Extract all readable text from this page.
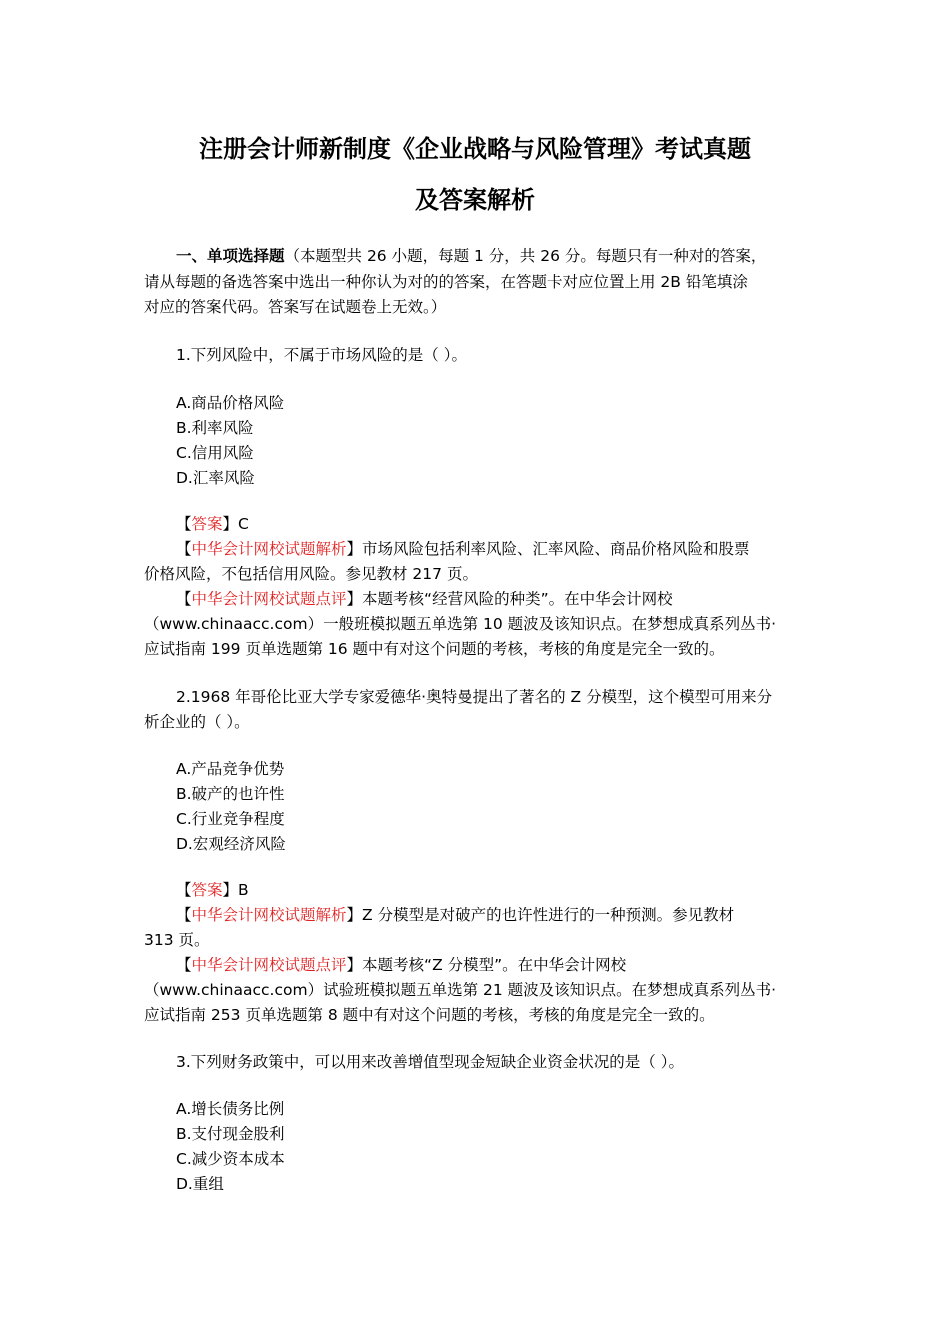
注册会计师新制度《企业战略与风险管理》考试真题
及答案解析
一、单项选择题（本题型共 26 小题，每题 1 分，共 26 分。每题只有一种对的答案，
请从每题的备选答案中选出一种你认为对的的答案，在答题卡对应位置上用 2B 铅笔填涂
对应的答案代码。答案写在试题卷上无效。）
1.下列风险中，不属于市场风险的是（ ）。
A.商品价格风险
B.利率风险
C.信用风险
D.汇率风险
【答案】C
【中华会计网校试题解析】市场风险包括利率风险、汇率风险、商品价格风险和股票
价格风险，不包括信用风险。参见教材 217 页。
【中华会计网校试题点评】本题考核“经营风险的种类”。在中华会计网校
（www.chinaacc.com）一般班模拟题五单选第 10 题波及该知识点。在梦想成真系列丛书·
应试指南 199 页单选题第 16 题中有对这个问题的考核，考核的角度是完全一致的。
2.1968 年哥伦比亚大学专家爱德华·奥特曼提出了著名的 Z 分模型，这个模型可用来分
析企业的（ ）。
A.产品竞争优势
B.破产的也许性
C.行业竞争程度
D.宏观经济风险
【答案】B
【中华会计网校试题解析】Z 分模型是对破产的也许性进行的一种预测。参见教材
313 页。
【中华会计网校试题点评】本题考核“Z 分模型”。在中华会计网校
（www.chinaacc.com）试验班模拟题五单选第 21 题波及该知识点。在梦想成真系列丛书·
应试指南 253 页单选题第 8 题中有对这个问题的考核，考核的角度是完全一致的。
3.下列财务政策中，可以用来改善增值型现金短缺企业资金状况的是（ ）。
A.增长债务比例
B.支付现金股利
C.减少资本成本
D.重组
